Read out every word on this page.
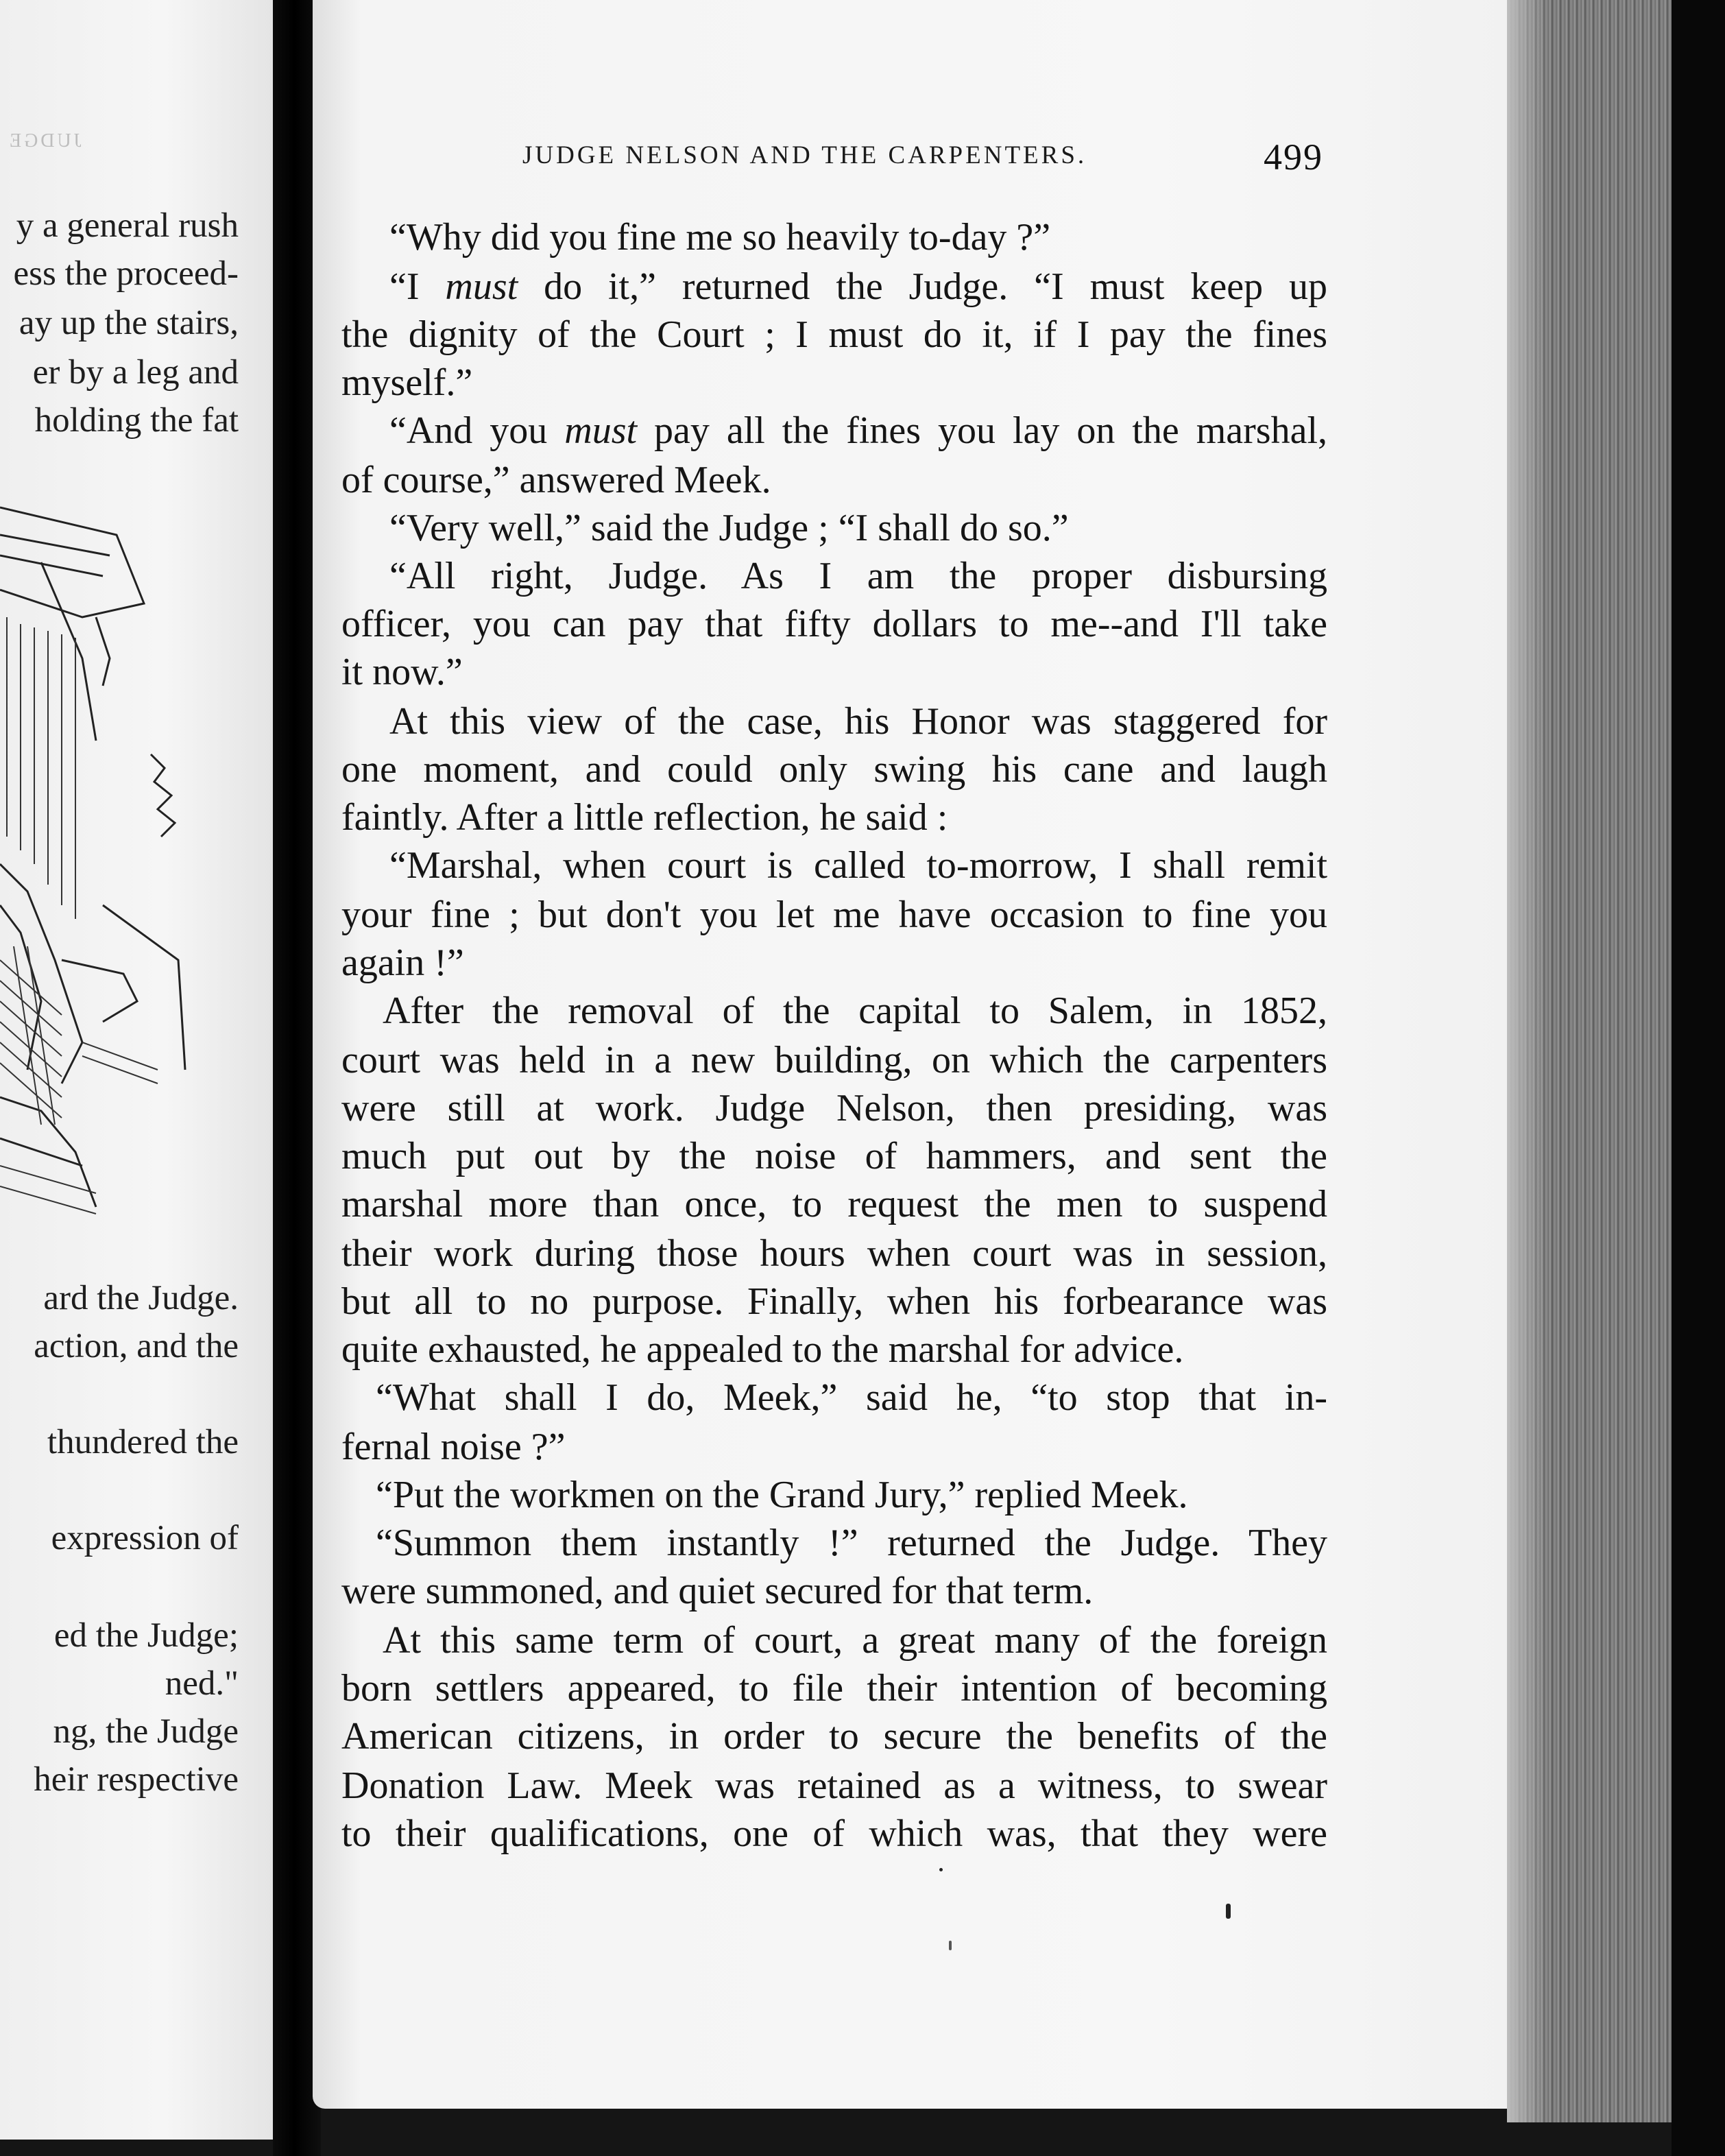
JUDGE
y a general rush
ess the proceed-
ay up the stairs,
er by a leg and
holding the fat
ard the Judge.
action, and the
thundered the
expression of
ed the Judge;
ned."
ng, the Judge
heir respective
JUDGE NELSON AND THE CARPENTERS.	499
“Why did you fine me so heavily to-day ?”
“I must do it,” returned the Judge. “I must keep up
the dignity of the Court ; I must do it, if I pay the fines
myself.”
“And you must pay all the fines you lay on the marshal,
of course,” answered Meek.
“Very well,” said the Judge ; “I shall do so.”
“All right, Judge. As I am the proper disbursing
officer, you can pay that fifty dollars to me--and I'll take
it now.”
At this view of the case, his Honor was staggered for
one moment, and could only swing his cane and laugh
faintly. After a little reflection, he said :
“Marshal, when court is called to-morrow, I shall remit
your fine ; but don't you let me have occasion to fine you
again !”
After the removal of the capital to Salem, in 1852,
court was held in a new building, on which the carpenters
were still at work. Judge Nelson, then presiding, was
much put out by the noise of hammers, and sent the
marshal more than once, to request the men to suspend
their work during those hours when court was in session,
but all to no purpose. Finally, when his forbearance was
quite exhausted, he appealed to the marshal for advice.
“What shall I do, Meek,” said he, “to stop that in-
fernal noise ?”
“Put the workmen on the Grand Jury,” replied Meek.
“Summon them instantly !” returned the Judge. They
were summoned, and quiet secured for that term.
At this same term of court, a great many of the foreign
born settlers appeared, to file their intention of becoming
American citizens, in order to secure the benefits of the
Donation Law. Meek was retained as a witness, to swear
to their qualifications, one of which was, that they were
